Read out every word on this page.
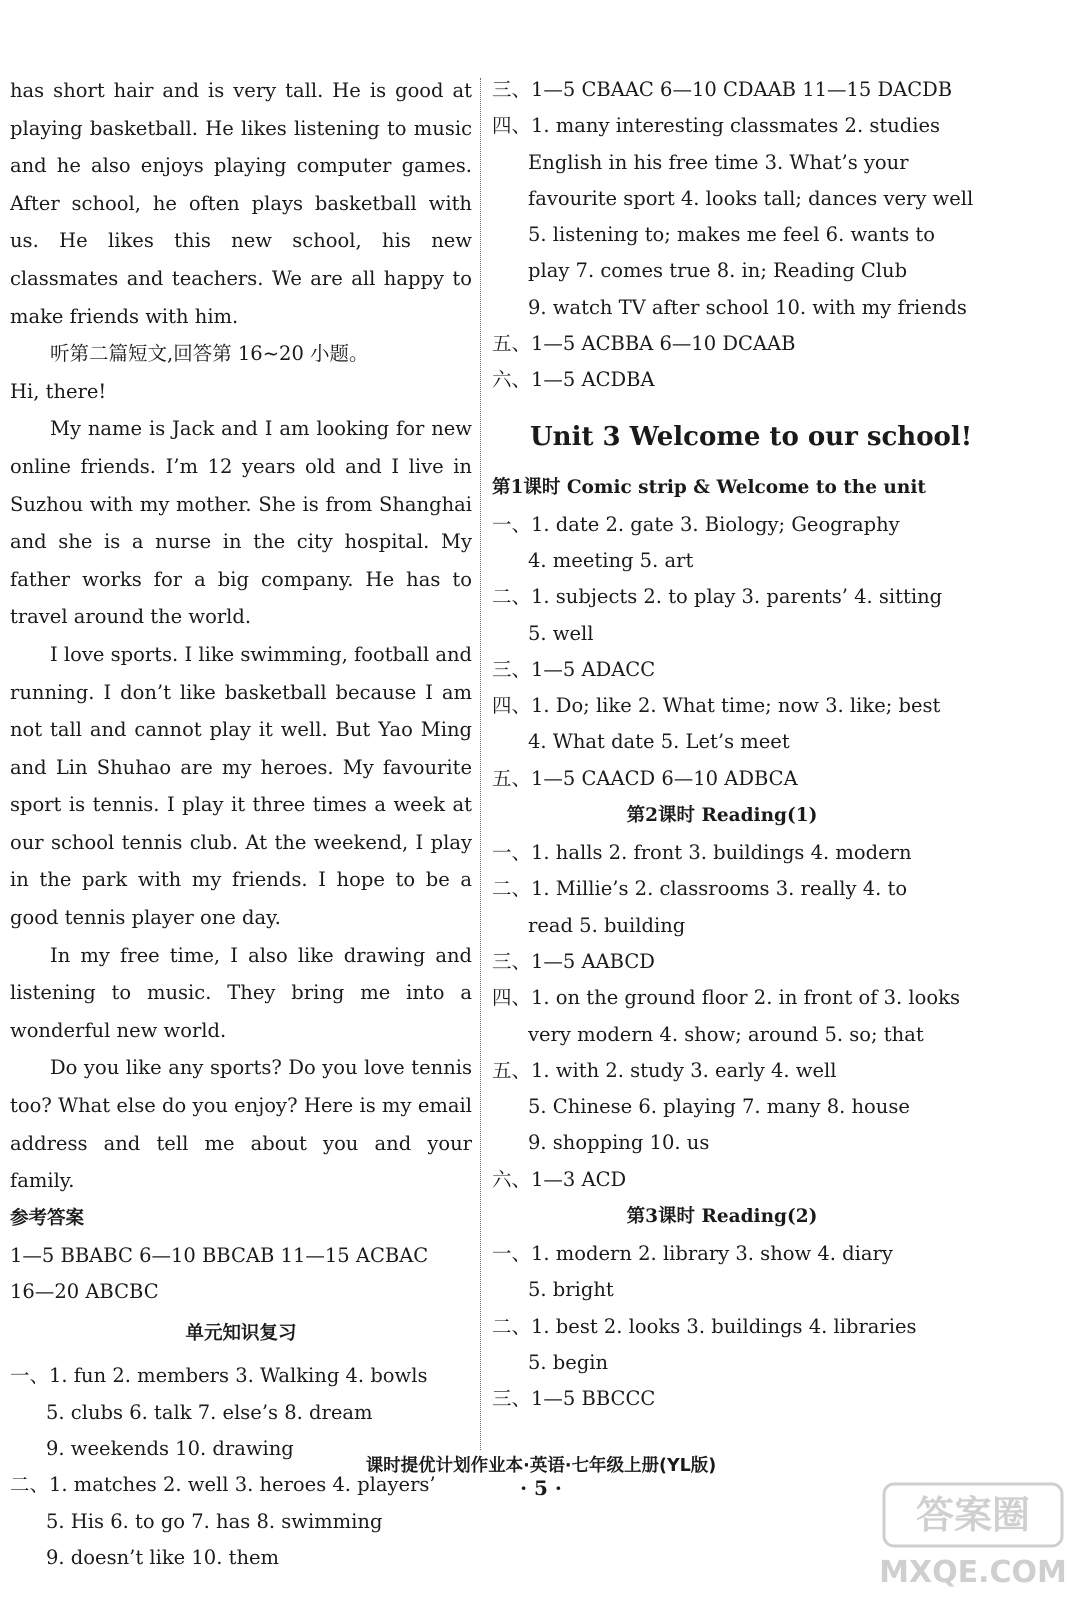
has short hair and is very tall. He is good at playing basketball. He likes listening to music and he also enjoys playing computer games. After school, he often plays basketball with us. He likes this new school, his new classmates and teachers. We are all happy to make friends with him.

听第二篇短文,回答第 16~20 小题。

Hi, there!

My name is Jack and I am looking for new online friends. I’m 12 years old and I live in Suzhou with my mother. She is from Shanghai and she is a nurse in the city hospital. My father works for a big company. He has to travel around the world.

I love sports. I like swimming, football and running. I don’t like basketball because I am not tall and cannot play it well. But Yao Ming and Lin Shuhao are my heroes. My favourite sport is tennis. I play it three times a week at our school tennis club. At the weekend, I play in the park with my friends. I hope to be a good tennis player one day.

In my free time, I also like drawing and listening to music. They bring me into a wonderful new world.

Do you like any sports? Do you love tennis too? What else do you enjoy? Here is my email address and tell me about you and your family.

参考答案

1—5 BBABC 6—10 BBCAB 11—15 ACBAC

16—20 ABCBC

单元知识复习

一、1. fun 2. members 3. Walking 4. bowls

5. clubs 6. talk 7. else’s 8. dream

9. weekends 10. drawing

二、1. matches 2. well 3. heroes 4. players’

5. His 6. to go 7. has 8. swimming

9. doesn’t like 10. them

三、1—5 CBAAC 6—10 CDAAB 11—15 DACDB

四、1. many interesting classmates 2. studies

English in his free time 3. What’s your

favourite sport 4. looks tall; dances very well

5. listening to; makes me feel 6. wants to

play 7. comes true 8. in; Reading Club

9. watch TV after school 10. with my friends

五、1—5 ACBBA 6—10 DCAAB

六、1—5 ACDBA

Unit 3 Welcome to our school!

第1课时 Comic strip & Welcome to the unit

一、1. date 2. gate 3. Biology; Geography

4. meeting 5. art

二、1. subjects 2. to play 3. parents’ 4. sitting

5. well

三、1—5 ADACC

四、1. Do; like 2. What time; now 3. like; best

4. What date 5. Let’s meet

五、1—5 CAACD 6—10 ADBCA

第2课时 Reading(1)

一、1. halls 2. front 3. buildings 4. modern

二、1. Millie’s 2. classrooms 3. really 4. to

read 5. building

三、1—5 AABCD

四、1. on the ground floor 2. in front of 3. looks

very modern 4. show; around 5. so; that

五、1. with 2. study 3. early 4. well

5. Chinese 6. playing 7. many 8. house

9. shopping 10. us

六、1—3 ACD

第3课时 Reading(2)

一、1. modern 2. library 3. show 4. diary

5. bright

二、1. best 2. looks 3. buildings 4. libraries

5. begin

三、1—5 BBCCC

课时提优计划作业本·英语·七年级上册(YL版)
· 5 ·
答案圈
MXQE.COM
